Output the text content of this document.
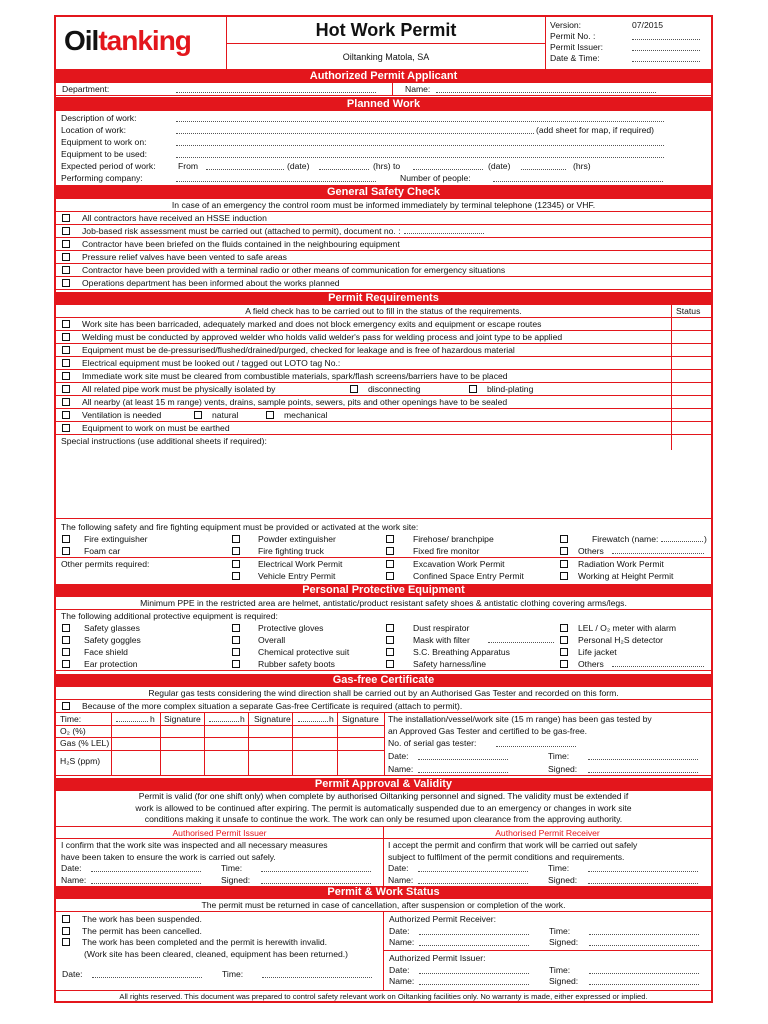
Oiltanking	Hot Work Permit
Oiltanking Matola, SA
Version:	07/2015
Permit No. :
Permit Issuer:
Date & Time:
Authorized Permit Applicant
Department:	Name:
Planned Work
Description of work:
Location of work:	(add sheet for map, if required)
Equipment to work on:
Equipment to be used:
Expected period of work:	From	(date)	(hrs) to	(date)	(hrs)
Performing company:	Number of people:
General Safety Check
In case of an emergency the control room must be informed immediately by terminal telephone (12345) or VHF.
All contractors have received an HSSE induction
Job-based risk assessment must be carried out (attached to permit), document no. :
Contractor have been briefed on the fluids contained in the neighbouring equipment
Pressure relief valves have been vented to safe areas
Contractor have been provided with a terminal radio or other means of communication for emergency situations
Operations department has been informed about the works planned
Permit Requirements
A field check has to be carried out to fill in the status of the requirements.	Status
Work site has been barricaded, adequately marked and does not block emergency exits and equipment or escape routes
Welding must be conducted by approved welder who holds valid welder's pass for welding process and joint type to be applied
Equipment must be de-pressurised/flushed/drained/purged, checked for leakage and is free of hazardous material
Electrical equipment must be looked out / tagged out LOTO tag No.:
Immediate work site must be cleared from combustible materials, spark/flash screens/barriers have to be placed
All related pipe work must be physically isolated by	disconnecting	blind-plating
All nearby (at least 15 m range) vents, drains, sample points, sewers, pits and other openings have to be sealed
Ventilation is needed	natural	mechanical
Equipment to work on must be earthed
Special instructions (use additional sheets if required):
The following safety and fire fighting equipment must be provided or activated at the work site:
Fire extinguisher	Powder extinguisher	Firehose/ branchpipe	Firewatch (name:	)
Foam car	Fire fighting truck	Fixed fire monitor	Others
Other permits required:	Electrical Work Permit	Excavation Work Permit	Radiation Work Permit
Vehicle Entry Permit	Confined Space Entry Permit	Working at Height Permit
Personal Protective Equipment
Minimum PPE in the restricted area are helmet, antistatic/product resistant safety shoes & antistatic clothing covering arms/legs.
The following additional protective equipment is required:
Safety glasses	Protective gloves	Dust respirator	LEL / O₂ meter with alarm
Safety goggles	Overall	Mask with filter	Personal H₂S detector
Face shield	Chemical protective suit	S.C. Breathing Apparatus	Life jacket
Ear protection	Rubber safety boots	Safety harness/line	Others
Gas-free Certificate
Regular gas tests considering the wind direction shall be carried out by an Authorised Gas Tester and recorded on this form.
Because of the more complex situation a separate Gas-free Certificate is required (attach to permit).
Time:	h Signature	h Signature	h Signature
O₂ (%)
Gas (% LEL)
H₂S (ppm)
The installation/vessel/work site (15 m range) has been gas tested by
an Approved Gas Tester and certified to be gas-free.
No. of serial gas tester:
Date:	Time:
Name:	Signed:
Permit Approval & Validity
Permit is valid (for one shift only) when complete by authorised Oiltanking personnel and signed. The validity must be extended if
work is allowed to be continued after expiring. The permit is automatically suspended due to an emergency or changes in work site
conditions making it unsafe to continue the work. The work can only be resumed upon clearance from the approving authority.
Authorised Permit Issuer	Authorised Permit Receiver
I confirm that the work site was inspected and all necessary measures
have been taken to ensure the work is carried out safely.
Date:	Time:
Name:	Signed:
I accept the permit and confirm that work will be carried out safely
subject to fulfilment of the permit conditions and requirements.
Date:	Time:
Name:	Signed:
Permit & Work Status
The permit must be returned in case of cancellation, after suspension or completion of the work.
The work has been suspended.
The permit has been cancelled.
The work has been completed and the permit is herewith invalid.
(Work site has been cleared, cleaned, equipment has been returned.)
Date:	Time:
Authorized Permit Receiver:
Date:	Time:
Name:	Signed:
Authorized Permit Issuer:
Date:	Time:
Name:	Signed:
All rights reserved. This document was prepared to control safety relevant work on Oiltanking facilities only. No warranty is made, either expressed or implied.
